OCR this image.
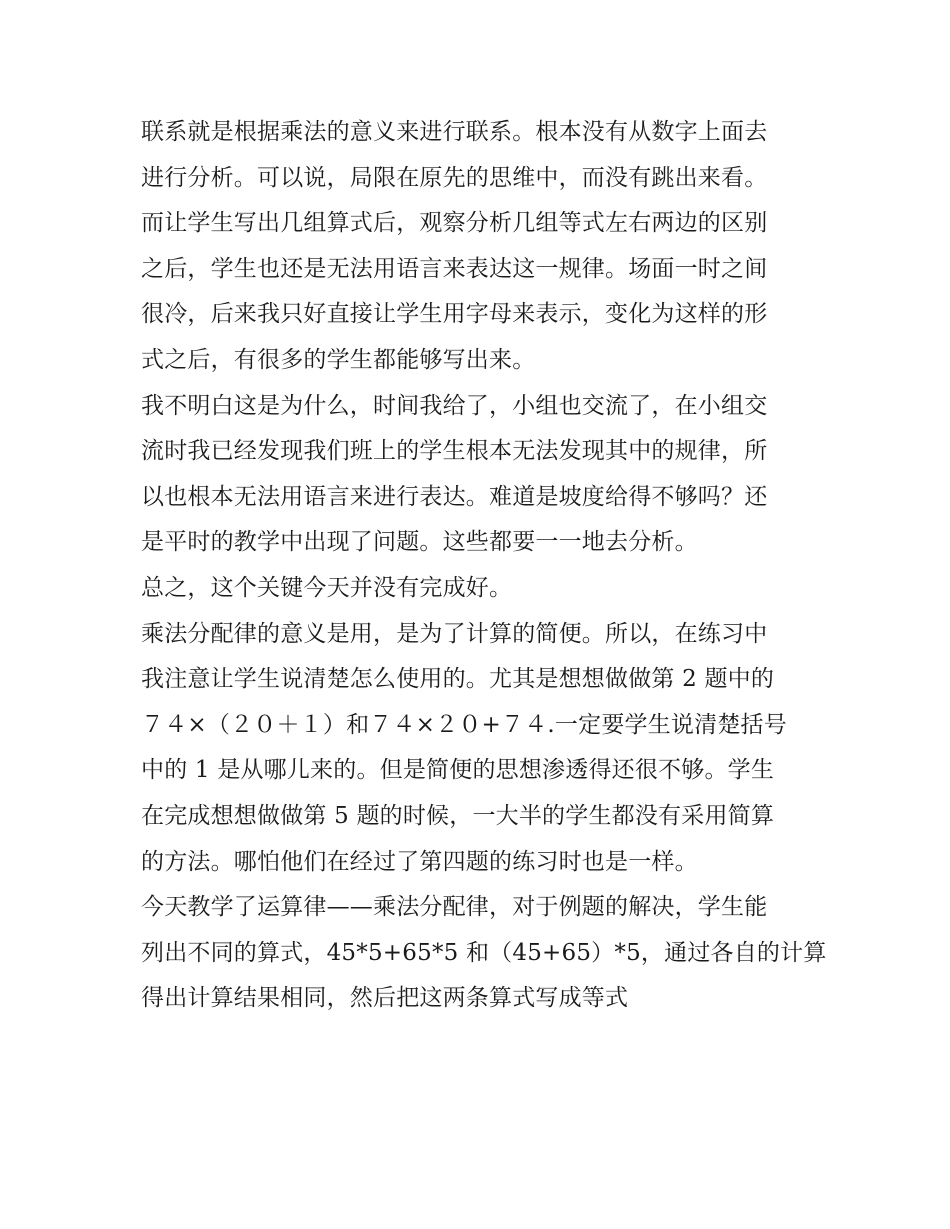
联系就是根据乘法的意义来进行联系。根本没有从数字上面去
进行分析。可以说，局限在原先的思维中，而没有跳出来看。
而让学生写出几组算式后，观察分析几组等式左右两边的区别
之后，学生也还是无法用语言来表达这一规律。场面一时之间
很冷，后来我只好直接让学生用字母来表示，变化为这样的形
式之后，有很多的学生都能够写出来。
我不明白这是为什么，时间我给了，小组也交流了，在小组交
流时我已经发现我们班上的学生根本无法发现其中的规律，所
以也根本无法用语言来进行表达。难道是坡度给得不够吗？还
是平时的教学中出现了问题。这些都要一一地去分析。
总之，这个关键今天并没有完成好。
乘法分配律的意义是用，是为了计算的简便。所以，在练习中
我注意让学生说清楚怎么使用的。尤其是想想做做第 2 题中的
７４×（２０＋１）和７４×２０+７４.一定要学生说清楚括号
中的 1 是从哪儿来的。但是简便的思想渗透得还很不够。学生
在完成想想做做第 5 题的时候，一大半的学生都没有采用简算
的方法。哪怕他们在经过了第四题的练习时也是一样。
今天教学了运算律——乘法分配律，对于例题的解决，学生能
列出不同的算式，45*5+65*5 和（45+65）*5，通过各自的计算
得出计算结果相同，然后把这两条算式写成等式
